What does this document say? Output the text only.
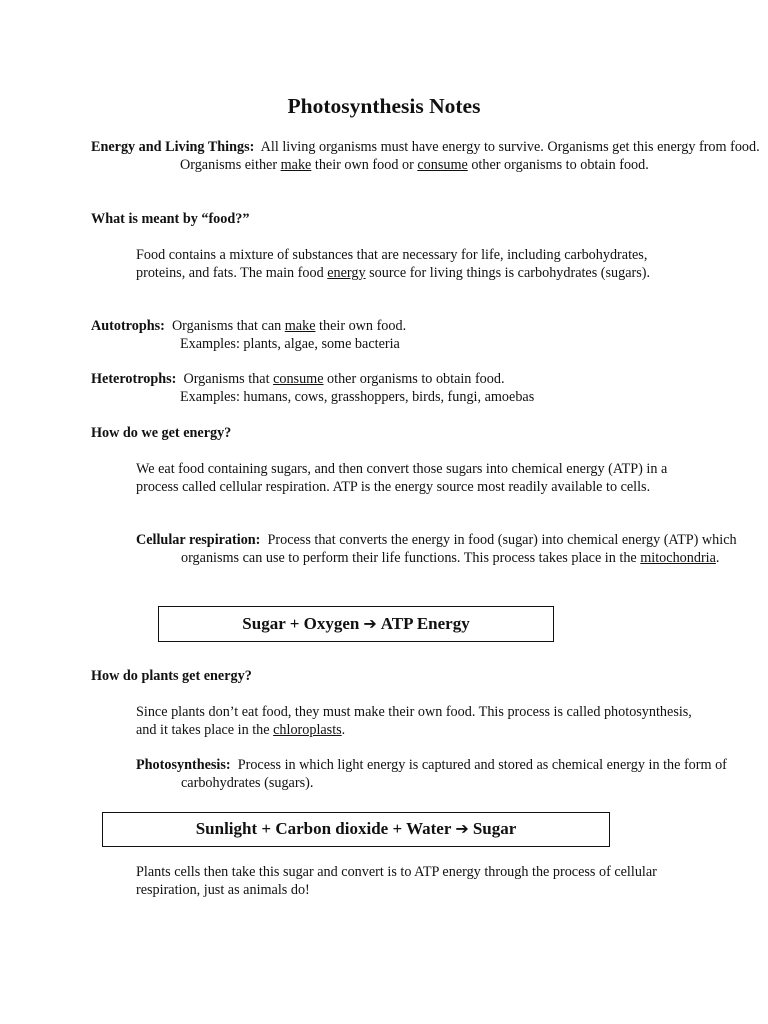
Photosynthesis Notes

Energy and Living Things: All living organisms must have energy to survive. Organisms get this energy from food. Organisms either make their own food or consume other organisms to obtain food.

What is meant by “food?”

Food contains a mixture of substances that are necessary for life, including carbohydrates, proteins, and fats. The main food energy source for living things is carbohydrates (sugars).

Autotrophs: Organisms that can make their own food.

Examples: plants, algae, some bacteria

Heterotrophs: Organisms that consume other organisms to obtain food.

Examples: humans, cows, grasshoppers, birds, fungi, amoebas

How do we get energy?

We eat food containing sugars, and then convert those sugars into chemical energy (ATP) in a process called cellular respiration. ATP is the energy source most readily available to cells.

Cellular respiration: Process that converts the energy in food (sugar) into chemical energy (ATP) which organisms can use to perform their life functions. This process takes place in the mitochondria.

Sugar + Oxygen ➔ ATP Energy

How do plants get energy?

Since plants don’t eat food, they must make their own food. This process is called photosynthesis, and it takes place in the chloroplasts.

Photosynthesis: Process in which light energy is captured and stored as chemical energy in the form of carbohydrates (sugars).

Sunlight + Carbon dioxide + Water ➔ Sugar

Plants cells then take this sugar and convert is to ATP energy through the process of cellular respiration, just as animals do!
